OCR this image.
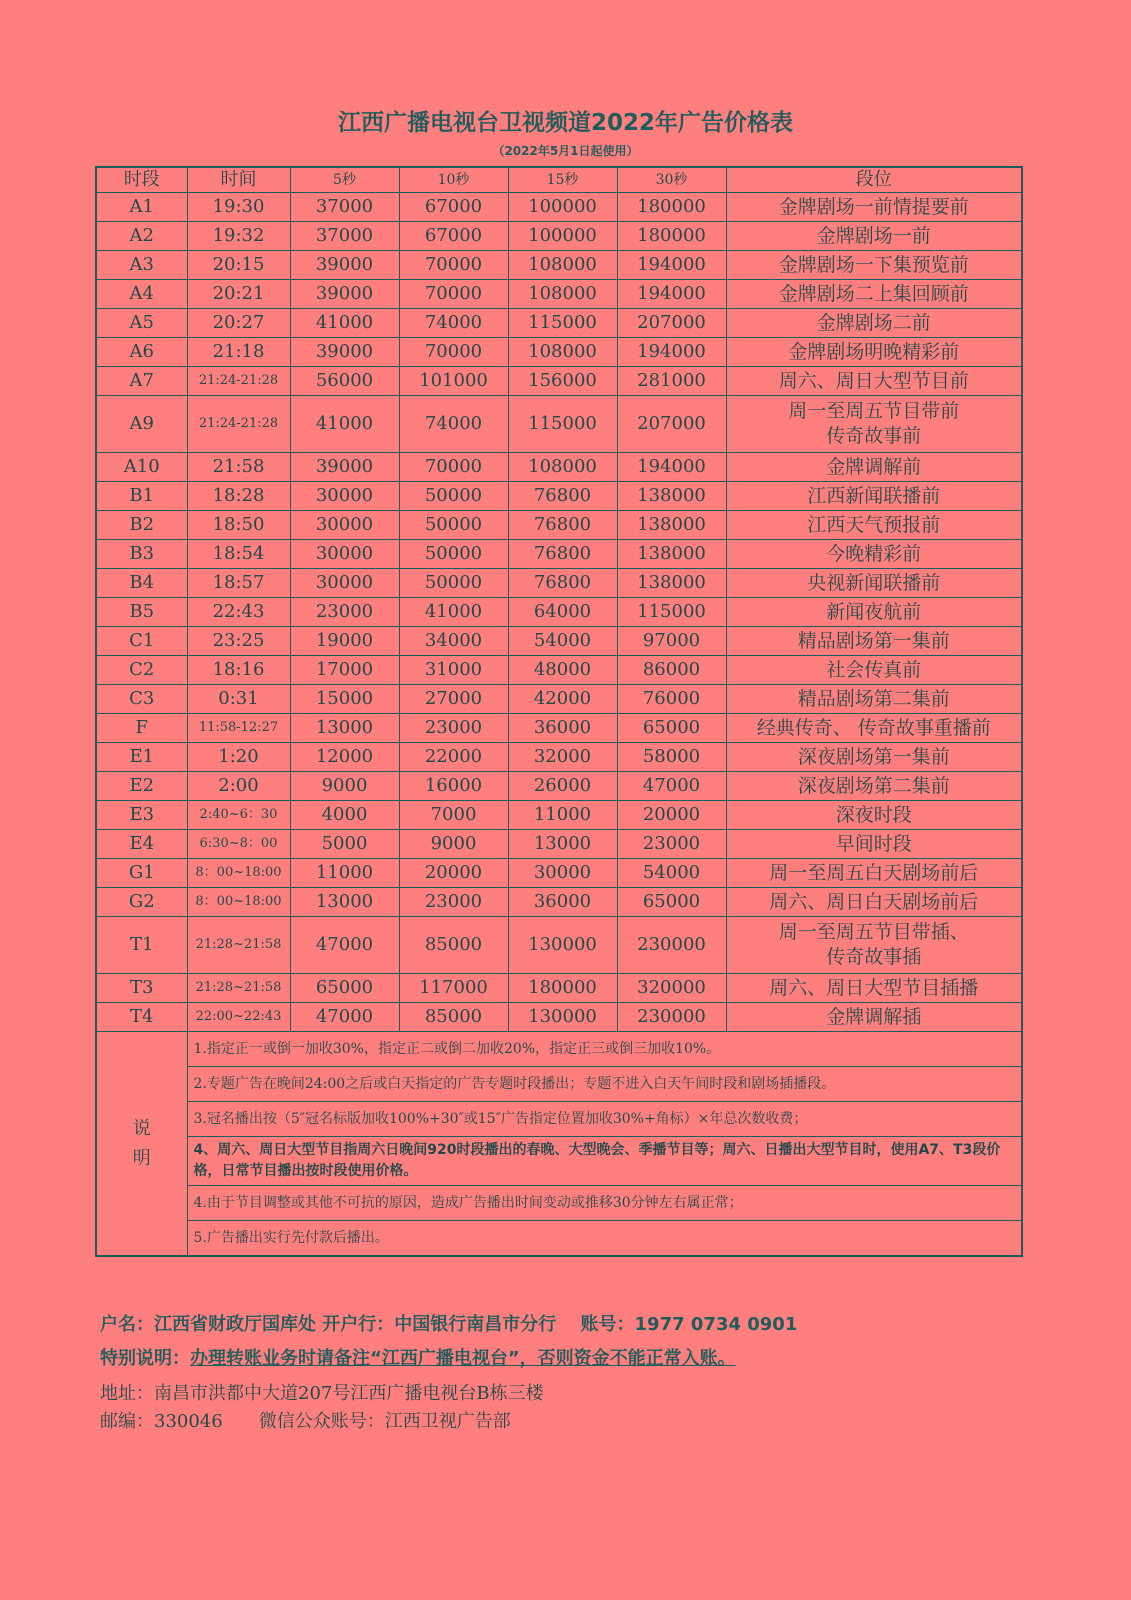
江西广播电视台卫视频道2022年广告价格表
（2022年5月1日起使用）
时段	时间	5秒	10秒	15秒	30秒	段位
A1	19:30	37000	67000	100000	180000	金牌剧场一前情提要前
A2	19:32	37000	67000	100000	180000	金牌剧场一前
A3	20:15	39000	70000	108000	194000	金牌剧场一下集预览前
A4	20:21	39000	70000	108000	194000	金牌剧场二上集回顾前
A5	20:27	41000	74000	115000	207000	金牌剧场二前
A6	21:18	39000	70000	108000	194000	金牌剧场明晚精彩前
A7	21:24-21:28	56000	101000	156000	281000	周六、周日大型节目前
A9	21:24-21:28	41000	74000	115000	207000	周一至周五节目带前
传奇故事前
A10	21:58	39000	70000	108000	194000	金牌调解前
B1	18:28	30000	50000	76800	138000	江西新闻联播前
B2	18:50	30000	50000	76800	138000	江西天气预报前
B3	18:54	30000	50000	76800	138000	今晚精彩前
B4	18:57	30000	50000	76800	138000	央视新闻联播前
B5	22:43	23000	41000	64000	115000	新闻夜航前
C1	23:25	19000	34000	54000	97000	精品剧场第一集前
C2	18:16	17000	31000	48000	86000	社会传真前
C3	0:31	15000	27000	42000	76000	精品剧场第二集前
F	11:58-12:27	13000	23000	36000	65000	经典传奇、 传奇故事重播前
E1	1:20	12000	22000	32000	58000	深夜剧场第一集前
E2	2:00	9000	16000	26000	47000	深夜剧场第二集前
E3	2:40~6：30	4000	7000	11000	20000	深夜时段
E4	6:30~8：00	5000	9000	13000	23000	早间时段
G1	8：00~18:00	11000	20000	30000	54000	周一至周五白天剧场前后
G2	8：00~18:00	13000	23000	36000	65000	周六、周日白天剧场前后
T1	21:28~21:58	47000	85000	130000	230000	周一至周五节目带插、
传奇故事插
T3	21:28~21:58	65000	117000	180000	320000	周六、周日大型节目插播
T4	22:00~22:43	47000	85000	130000	230000	金牌调解插
说 明	1.指定正一或倒一加收30%，指定正二或倒二加收20%，指定正三或倒三加收10%。					
	2.专题广告在晚间24:00之后或白天指定的广告专题时段播出；专题不进入白天午间时段和剧场插播段。					
	3.冠名播出按（5″冠名标版加收100%+30″或15″广告指定位置加收30%+角标）×年总次数收费；					
	4、周六、周日大型节目指周六日晚间920时段播出的春晚、大型晚会、季播节目等；周六、日播出大型节目时，使用A7、T3段价格，日常节目播出按时段使用价格。					
	4.由于节目调整或其他不可抗的原因，造成广告播出时间变动或推移30分钟左右属正常；					
	5.广告播出实行先付款后播出。					
户名：江西省财政厅国库处 开户行：中国银行南昌市分行　 账号：1977 0734 0901
特别说明：办理转账业务时请备注“江西广播电视台”，否则资金不能正常入账。
地址：南昌市洪都中大道207号江西广播电视台B栋三楼
邮编：330046　　微信公众账号：江西卫视广告部
